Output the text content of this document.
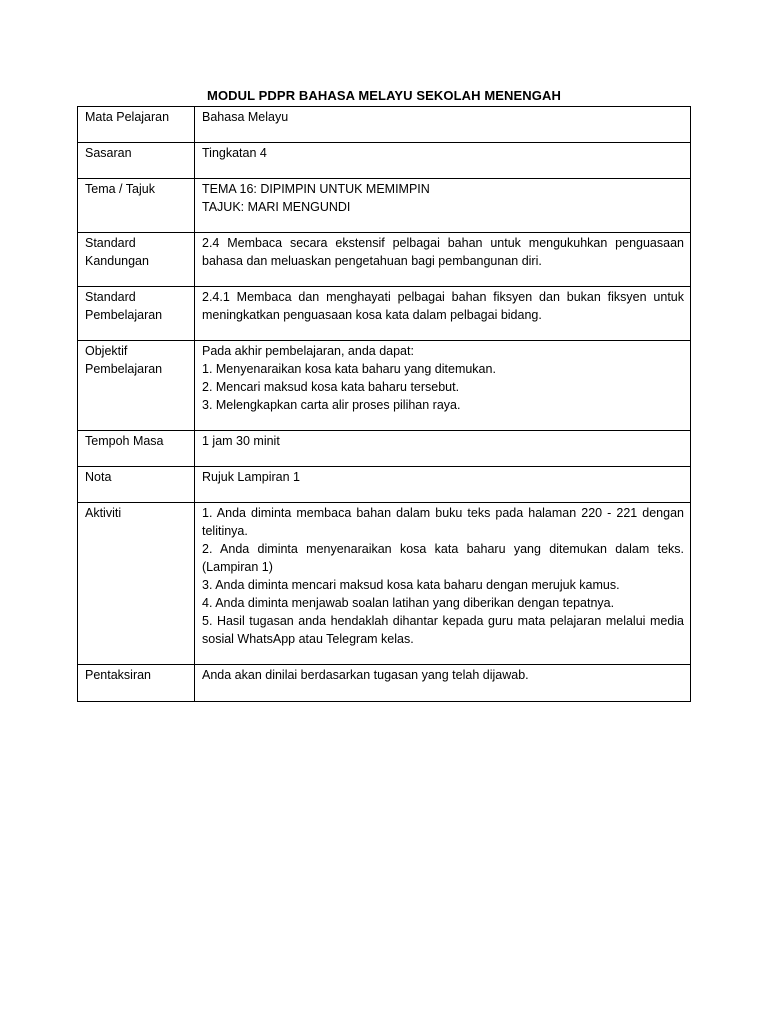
MODUL PDPR BAHASA MELAYU SEKOLAH MENENGAH
Mata Pelajaran	Bahasa Melayu

Sasaran	Tingkatan 4

Tema / Tajuk	TEMA 16: DIPIMPIN UNTUK MEMIMPIN
TAJUK: MARI MENGUNDI

Standard
Kandungan	2.4 Membaca secara ekstensif pelbagai bahan untuk mengukuhkan penguasaan bahasa dan meluaskan pengetahuan bagi pembangunan diri.

Standard
Pembelajaran	2.4.1 Membaca dan menghayati pelbagai bahan fiksyen dan bukan fiksyen untuk meningkatkan penguasaan kosa kata dalam pelbagai bidang.

Objektif
Pembelajaran	Pada akhir pembelajaran, anda dapat:
1. Menyenaraikan kosa kata baharu yang ditemukan.
2. Mencari maksud kosa kata baharu tersebut.
3. Melengkapkan carta alir proses pilihan raya.

Tempoh Masa	1 jam 30 minit

Nota	Rujuk Lampiran 1

Aktiviti	1. Anda diminta membaca bahan dalam buku teks pada halaman 220 - 221 dengan telitinya.
2. Anda diminta menyenaraikan kosa kata baharu yang ditemukan dalam teks. (Lampiran 1)
3. Anda diminta mencari maksud kosa kata baharu dengan merujuk kamus.
4. Anda diminta menjawab soalan latihan yang diberikan dengan tepatnya.
5. Hasil tugasan anda hendaklah dihantar kepada guru mata pelajaran melalui media sosial WhatsApp atau Telegram kelas.

Pentaksiran	Anda akan dinilai berdasarkan tugasan yang telah dijawab.
